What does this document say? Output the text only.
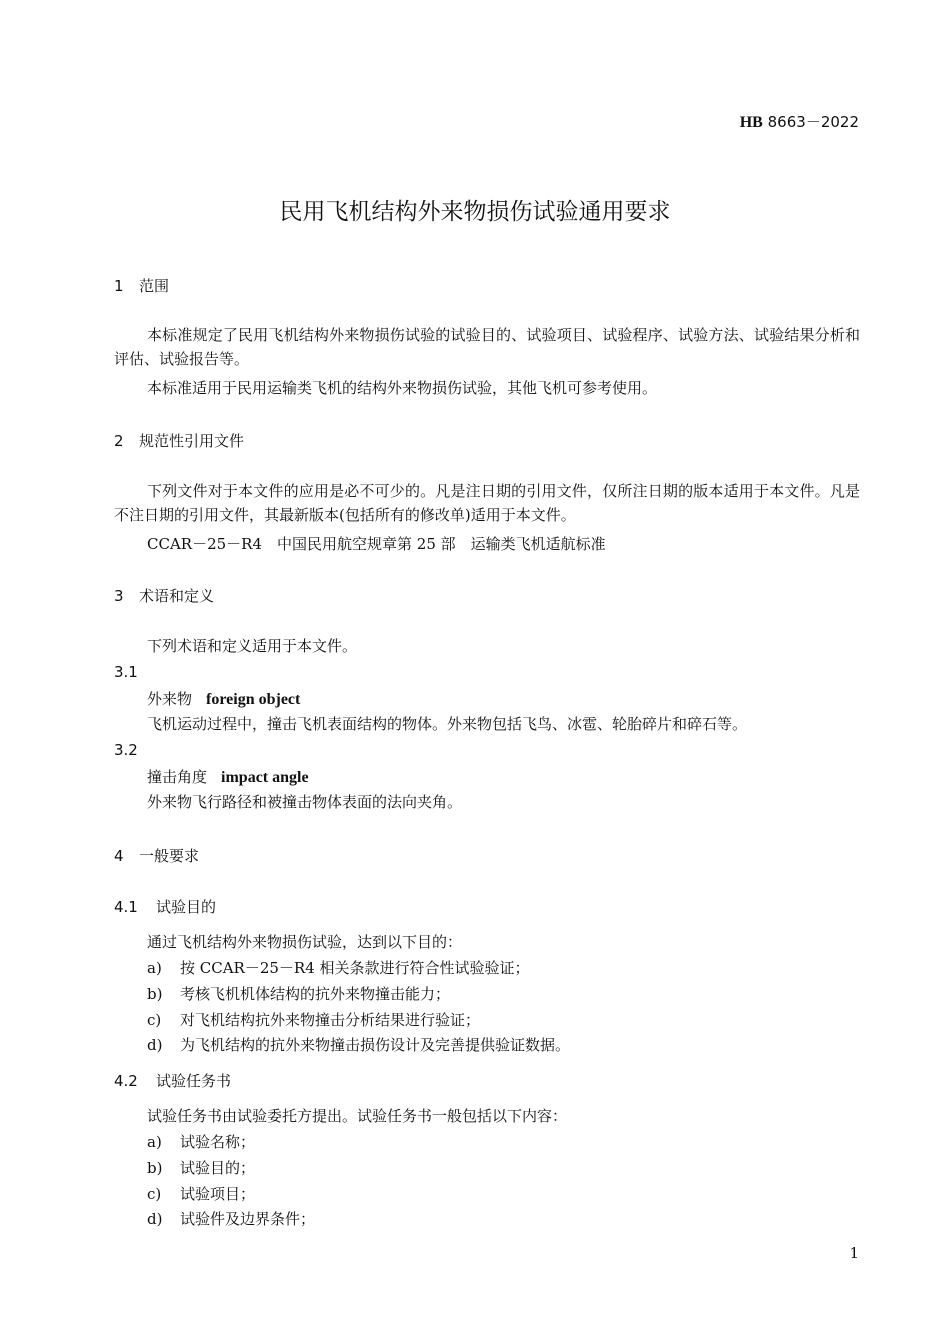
HB 8663－2022
民用飞机结构外来物损伤试验通用要求
1 范围
本标准规定了民用飞机结构外来物损伤试验的试验目的、试验项目、试验程序、试验方法、试验结果分析和评估、试验报告等。
本标准适用于民用运输类飞机的结构外来物损伤试验，其他飞机可参考使用。
2 规范性引用文件
下列文件对于本文件的应用是必不可少的。凡是注日期的引用文件，仅所注日期的版本适用于本文件。凡是不注日期的引用文件，其最新版本(包括所有的修改单)适用于本文件。
CCAR－25－R4　中国民用航空规章第 25 部　运输类飞机适航标准
3 术语和定义
下列术语和定义适用于本文件。
3.1
外来物 foreign object
飞机运动过程中，撞击飞机表面结构的物体。外来物包括飞鸟、冰雹、轮胎碎片和碎石等。
3.2
撞击角度 impact angle
外来物飞行路径和被撞击物体表面的法向夹角。
4 一般要求
4.1 试验目的
通过飞机结构外来物损伤试验，达到以下目的：
a) 按 CCAR－25－R4 相关条款进行符合性试验验证；
b) 考核飞机机体结构的抗外来物撞击能力；
c) 对飞机结构抗外来物撞击分析结果进行验证；
d) 为飞机结构的抗外来物撞击损伤设计及完善提供验证数据。
4.2 试验任务书
试验任务书由试验委托方提出。试验任务书一般包括以下内容：
a) 试验名称；
b) 试验目的；
c) 试验项目；
d) 试验件及边界条件；
1
